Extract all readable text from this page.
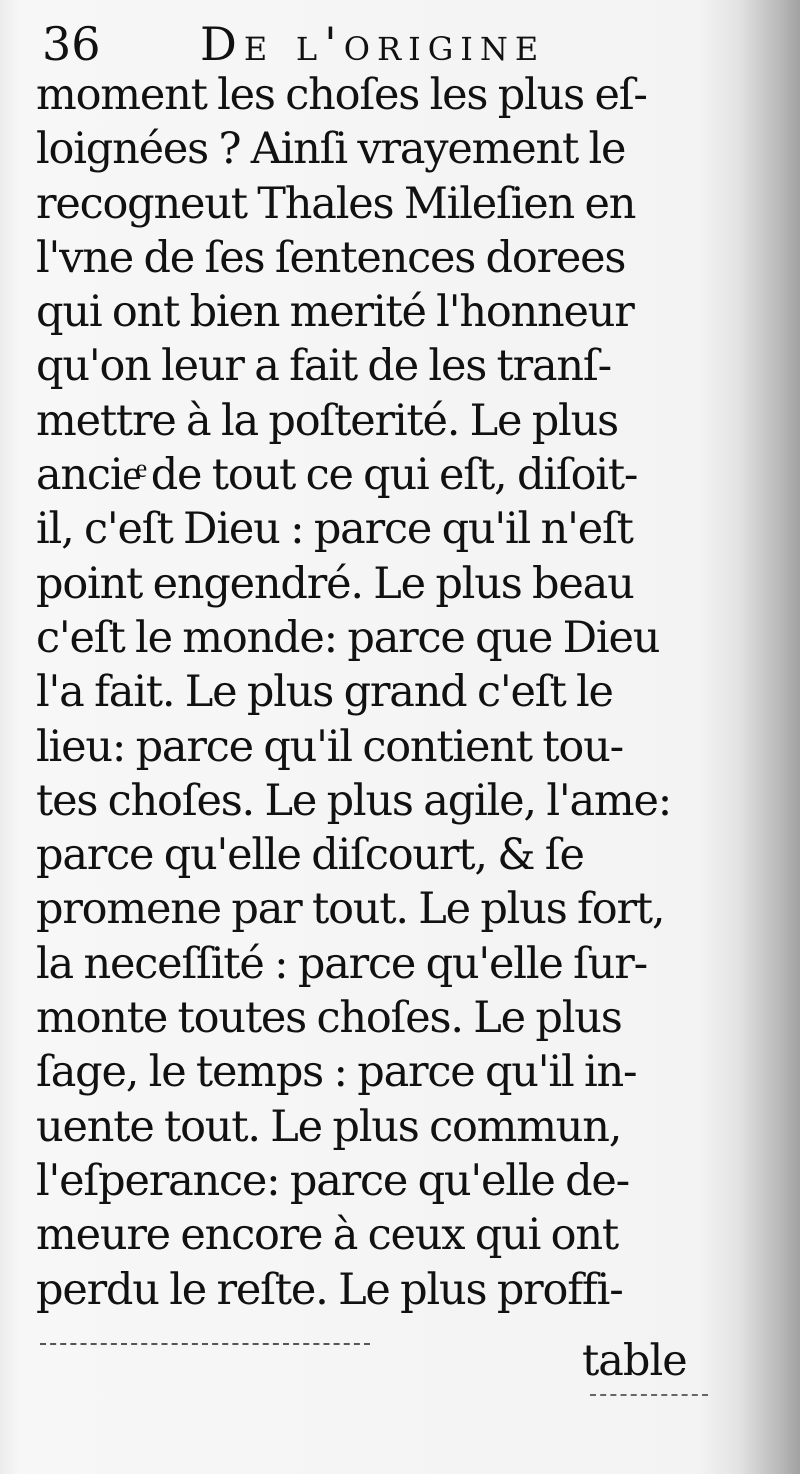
36 De l'origine
moment les choſes les plus eſ-
loignées ? Ainſi vrayement le
recogneut Thales Mileſien en
l'vne de ſes ſentences dorees
qui ont bien merité l'honneur
qu'on leur a fait de les tranſ-
mettre à la poſterité. Le plus
ancieͤ de tout ce qui eſt, diſoit-
il, c'eſt Dieu : parce qu'il n'eſt
point engendré. Le plus beau
c'eſt le monde: parce que Dieu
l'a fait. Le plus grand c'eſt le
lieu: parce qu'il contient tou-
tes choſes. Le plus agile, l'ame:
parce qu'elle diſcourt, & ſe
promene par tout. Le plus fort,
la neceſſité : parce qu'elle ſur-
monte toutes choſes. Le plus
ſage, le temps : parce qu'il in-
uente tout. Le plus commun,
l'eſperance: parce qu'elle de-
meure encore à ceux qui ont
perdu le reſte. Le plus proffi-
table
